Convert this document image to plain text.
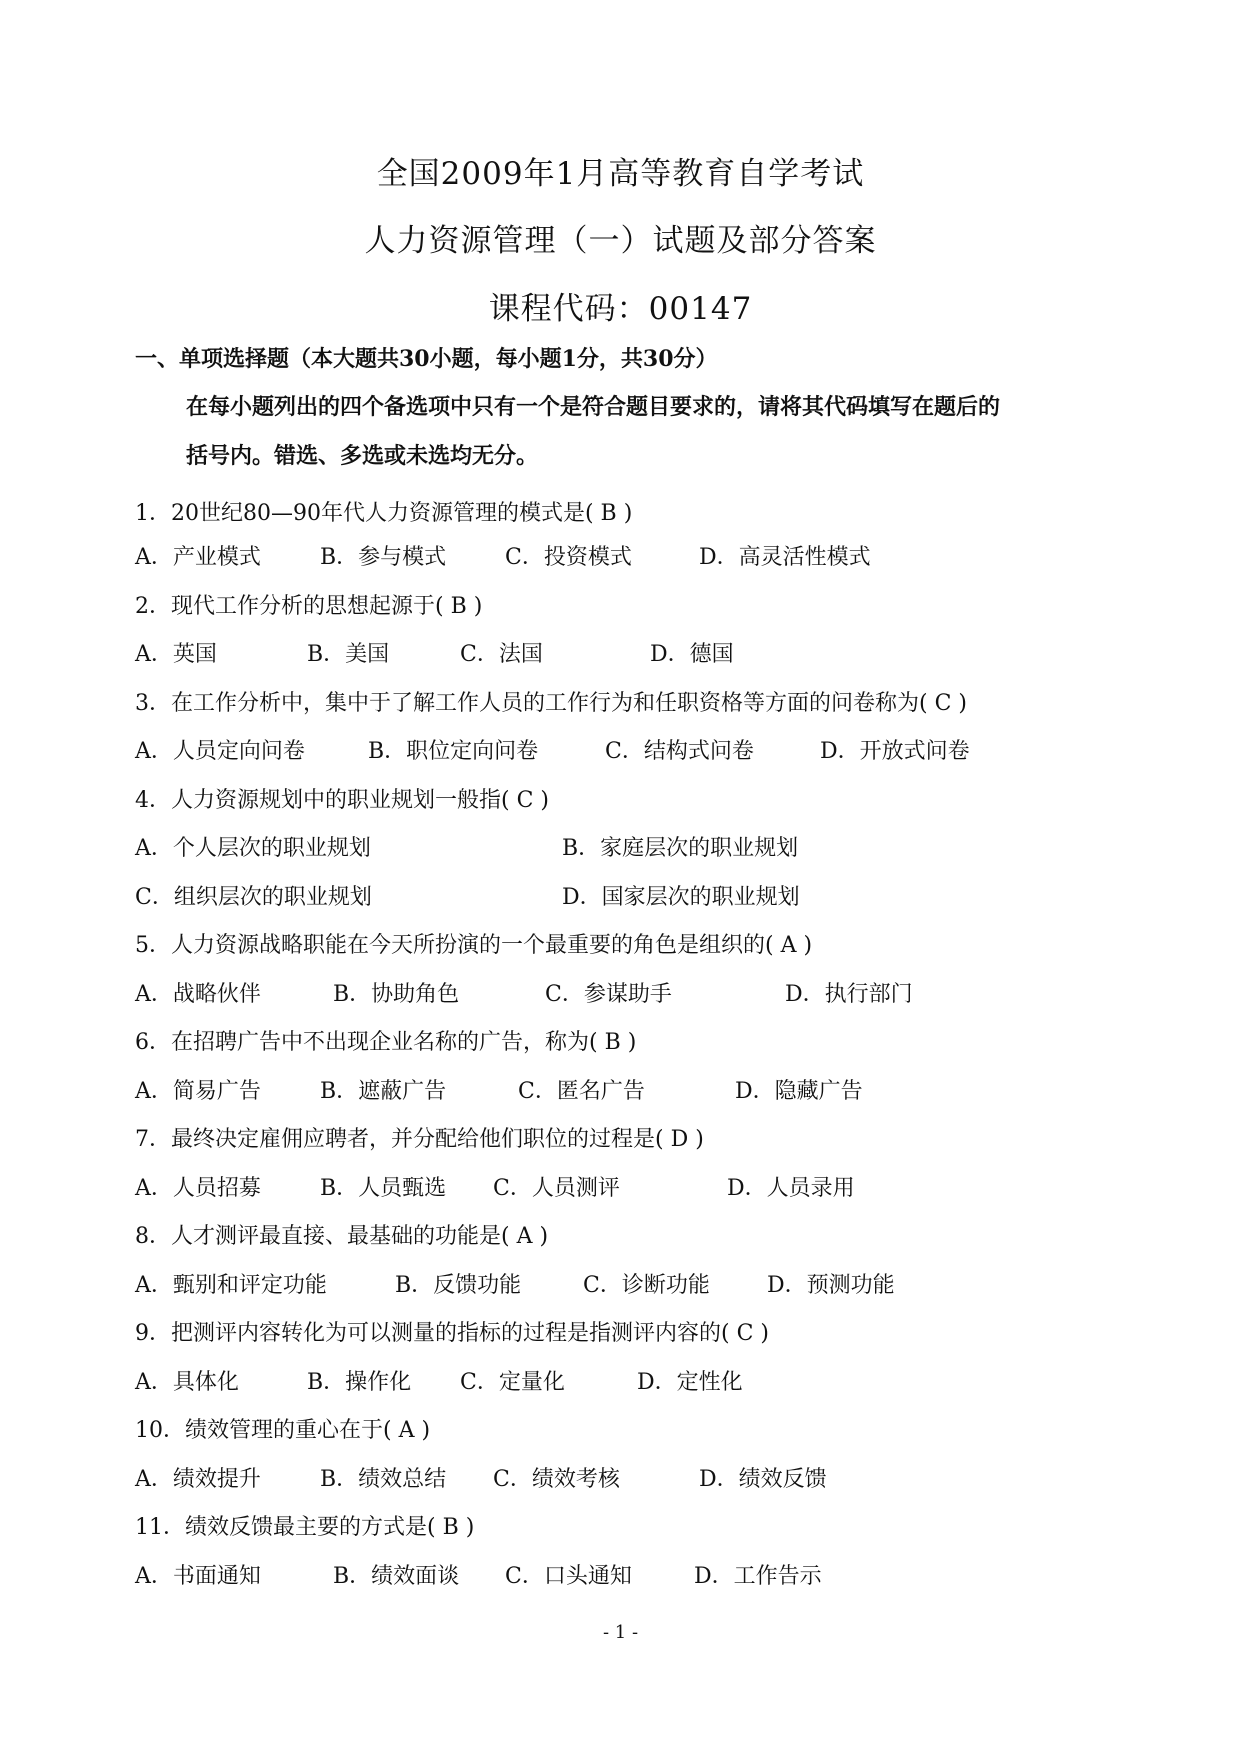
全国2009年1月高等教育自学考试
人力资源管理（一）试题及部分答案
课程代码：00147
一、单项选择题（本大题共30小题，每小题1分，共30分）
在每小题列出的四个备选项中只有一个是符合题目要求的，请将其代码填写在题后的
括号内。错选、多选或未选均无分。
1．20世纪80—90年代人力资源管理的模式是( B )
A．产业模式	B．参与模式	C．投资模式	D．高灵活性模式
2．现代工作分析的思想起源于( B )
A．英国	B．美国	C．法国	D．德国
3．在工作分析中，集中于了解工作人员的工作行为和任职资格等方面的问卷称为( C )
A．人员定向问卷	B．职位定向问卷	C．结构式问卷	D．开放式问卷
4．人力资源规划中的职业规划一般指( C )
A．个人层次的职业规划	B．家庭层次的职业规划
C．组织层次的职业规划	D．国家层次的职业规划
5．人力资源战略职能在今天所扮演的一个最重要的角色是组织的( A )
A．战略伙伴	B．协助角色	C．参谋助手	D．执行部门
6．在招聘广告中不出现企业名称的广告，称为( B )
A．简易广告	B．遮蔽广告	C．匿名广告	D．隐藏广告
7．最终决定雇佣应聘者，并分配给他们职位的过程是( D )
A．人员招募	B．人员甄选 C．人员测评	D．人员录用
8．人才测评最直接、最基础的功能是( A )
A．甄别和评定功能	B．反馈功能	C．诊断功能	D．预测功能
9．把测评内容转化为可以测量的指标的过程是指测评内容的( C )
A．具体化	B．操作化 C．定量化	D．定性化
10．绩效管理的重心在于( A )
A．绩效提升	B．绩效总结 C．绩效考核	D．绩效反馈
11．绩效反馈最主要的方式是( B )
A．书面通知	B．绩效面谈 C．口头通知	D．工作告示
- 1 -
